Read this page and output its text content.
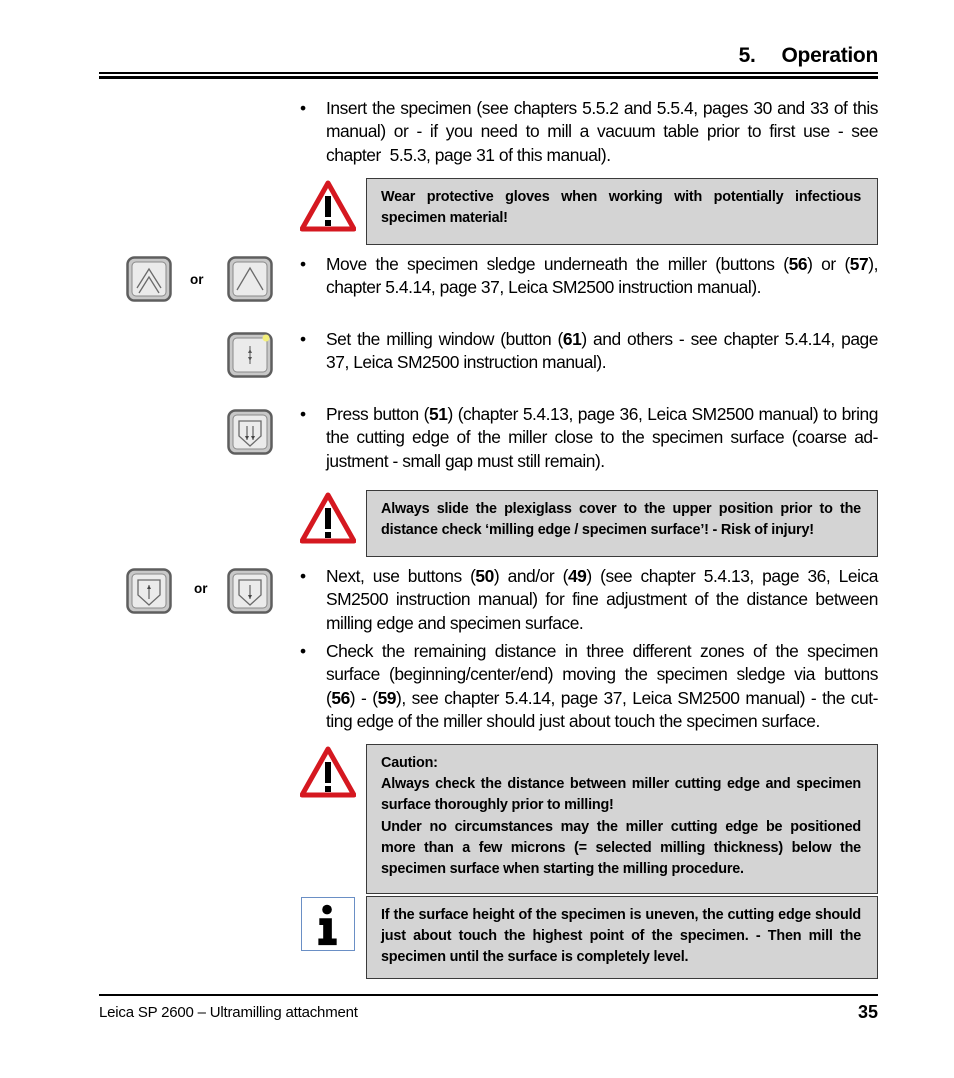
5. Operation
• Insert the specimen (see chapters 5.5.2 and 5.5.4, pages 30 and 33 of this manual) or - if you need to mill a vacuum table prior to first use - see chapter  5.5.3, page 31 of this manual).
Wear protective gloves when working with potentially infectious specimen material!
or
• Move the specimen sledge underneath the miller (buttons (56) or (57), chapter 5.4.14, page 37, Leica SM2500 instruction manual).
• Set the milling window (button (61) and others - see chapter 5.4.14, page 37, Leica SM2500 instruction manual).
• Press button (51) (chapter 5.4.13, page 36, Leica SM2500 manual) to bring the cutting edge of the miller close to the specimen surface (coarse ad-justment - small gap must still remain).
Always slide the plexiglass cover to the upper position prior to the distance check ‘milling edge / specimen surface’! - Risk of injury!
or
• Next, use buttons (50) and/or (49) (see chapter 5.4.13, page 36, Leica SM2500 instruction manual) for fine adjustment of the distance between milling edge and specimen surface.
• Check the remaining distance in three different zones of the specimen surface (beginning/center/end) moving the specimen sledge via buttons (56) - (59), see chapter 5.4.14, page 37, Leica SM2500 manual) - the cut-ting edge of the miller should just about touch the specimen surface.
Caution:
Always check the distance between miller cutting edge and specimen surface thoroughly prior to milling!
Under no circumstances may the miller cutting edge be positioned more than a few microns (= selected milling thickness) below the specimen surface when starting the milling procedure.
If the surface height of the specimen is uneven, the cutting edge should just about touch the highest point of the specimen. - Then mill the specimen until the surface is completely level.
Leica SP 2600 – Ultramilling attachment	35
